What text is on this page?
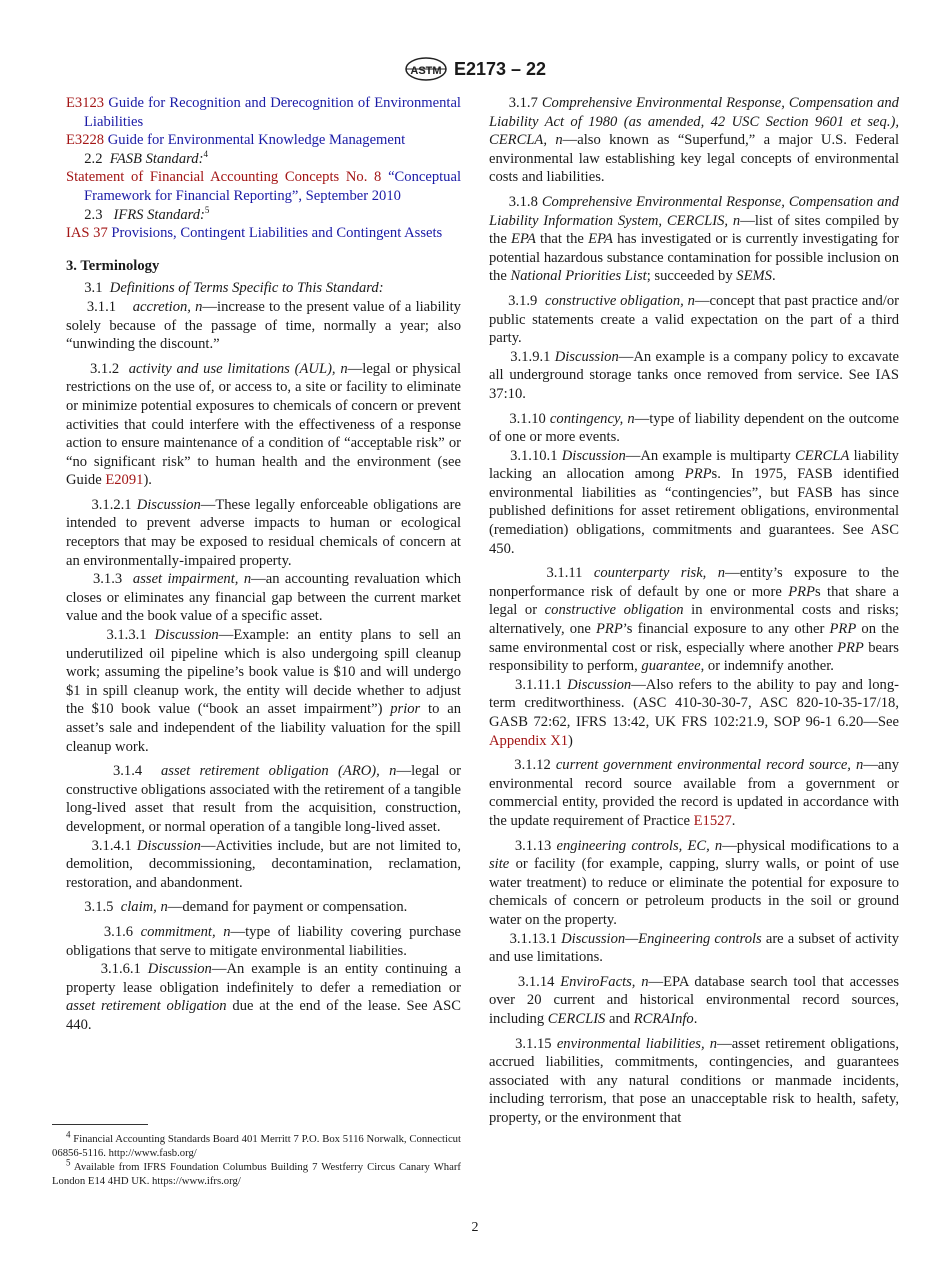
ASTM E2173 – 22

E3123 Guide for Recognition and Derecognition of Environmental Liabilities

E3228 Guide for Environmental Knowledge Management

2.2 FASB Standard:$^4$

Statement of Financial Accounting Concepts No. 8 “Conceptual Framework for Financial Reporting”, September 2010

2.3 IFRS Standard:$^5$

IAS 37 Provisions, Contingent Liabilities and Contingent Assets

3. Terminology

3.1 Definitions of Terms Specific to This Standard:

3.1.1 accretion, n—increase to the present value of a liability solely because of the passage of time, normally a year; also “unwinding the discount.”

3.1.2 activity and use limitations (AUL), n—legal or physical restrictions on the use of, or access to, a site or facility to eliminate or minimize potential exposures to chemicals of concern or prevent activities that could interfere with the effectiveness of a response action to ensure maintenance of a condition of “acceptable risk” or “no significant risk” to human health and the environment (see Guide E2091).

3.1.2.1 Discussion—These legally enforceable obligations are intended to prevent adverse impacts to human or ecological receptors that may be exposed to residual chemicals of concern at an environmentally-impaired property.

3.1.3 asset impairment, n—an accounting revaluation which closes or eliminates any financial gap between the current market value and the book value of a specific asset.

3.1.3.1 Discussion—Example: an entity plans to sell an underutilized oil pipeline which is also undergoing spill cleanup work; assuming the pipeline’s book value is $10 and will undergo $1 in spill cleanup work, the entity will decide whether to adjust the $10 book value (“book an asset impairment”) prior to an asset’s sale and independent of the liability valuation for the spill cleanup work.

3.1.4 asset retirement obligation (ARO), n—legal or constructive obligations associated with the retirement of a tangible long-lived asset that result from the acquisition, construction, development, or normal operation of a tangible long-lived asset.

3.1.4.1 Discussion—Activities include, but are not limited to, demolition, decommissioning, decontamination, reclamation, restoration, and abandonment.

3.1.5 claim, n—demand for payment or compensation.

3.1.6 commitment, n—type of liability covering purchase obligations that serve to mitigate environmental liabilities.

3.1.6.1 Discussion—An example is an entity continuing a property lease obligation indefinitely to defer a remediation or asset retirement obligation due at the end of the lease. See ASC 440.

$^4$ Financial Accounting Standards Board 401 Merritt 7 P.O. Box 5116 Norwalk, Connecticut 06856-5116. http://www.fasb.org/

$^5$ Available from IFRS Foundation Columbus Building 7 Westferry Circus Canary Wharf London E14 4HD UK. https://www.ifrs.org/

3.1.7 Comprehensive Environmental Response, Compensation and Liability Act of 1980 (as amended, 42 USC Section 9601 et seq.), CERCLA, n—also known as “Superfund,” a major U.S. Federal environmental law establishing key legal concepts of environmental costs and liabilities.

3.1.8 Comprehensive Environmental Response, Compensation and Liability Information System, CERCLIS, n—list of sites compiled by the EPA that the EPA has investigated or is currently investigating for potential hazardous substance contamination for possible inclusion on the National Priorities List; succeeded by SEMS.

3.1.9 constructive obligation, n—concept that past practice and/or public statements create a valid expectation on the part of a third party.

3.1.9.1 Discussion—An example is a company policy to excavate all underground storage tanks once removed from service. See IAS 37:10.

3.1.10 contingency, n—type of liability dependent on the outcome of one or more events.

3.1.10.1 Discussion—An example is multiparty CERCLA liability lacking an allocation among PRPs. In 1975, FASB identified environmental liabilities as “contingencies”, but FASB has since published definitions for asset retirement obligations, environmental (remediation) obligations, commitments and guarantees. See ASC 450.

3.1.11 counterparty risk, n—entity’s exposure to the nonperformance risk of default by one or more PRPs that share a legal or constructive obligation in environmental costs and risks; alternatively, one PRP’s financial exposure to any other PRP on the same environmental cost or risk, especially where another PRP bears responsibility to perform, guarantee, or indemnify another.

3.1.11.1 Discussion—Also refers to the ability to pay and long-term creditworthiness. (ASC 410-30-30-7, ASC 820-10-35-17/18, GASB 72:62, IFRS 13:42, UK FRS 102:21.9, SOP 96-1 6.20—See Appendix X1)

3.1.12 current government environmental record source, n—any environmental record source available from a government or commercial entity, provided the record is updated in accordance with the update requirement of Practice E1527.

3.1.13 engineering controls, EC, n—physical modifications to a site or facility (for example, capping, slurry walls, or point of use water treatment) to reduce or eliminate the potential for exposure to chemicals of concern or petroleum products in the soil or ground water on the property.

3.1.13.1 Discussion—Engineering controls are a subset of activity and use limitations.

3.1.14 EnviroFacts, n—EPA database search tool that accesses over 20 current and historical environmental record sources, including CERCLIS and RCRAInfo.

3.1.15 environmental liabilities, n—asset retirement obligations, accrued liabilities, commitments, contingencies, and guarantees associated with any natural conditions or manmade incidents, including terrorism, that pose an unacceptable risk to health, safety, property, or the environment that

2
